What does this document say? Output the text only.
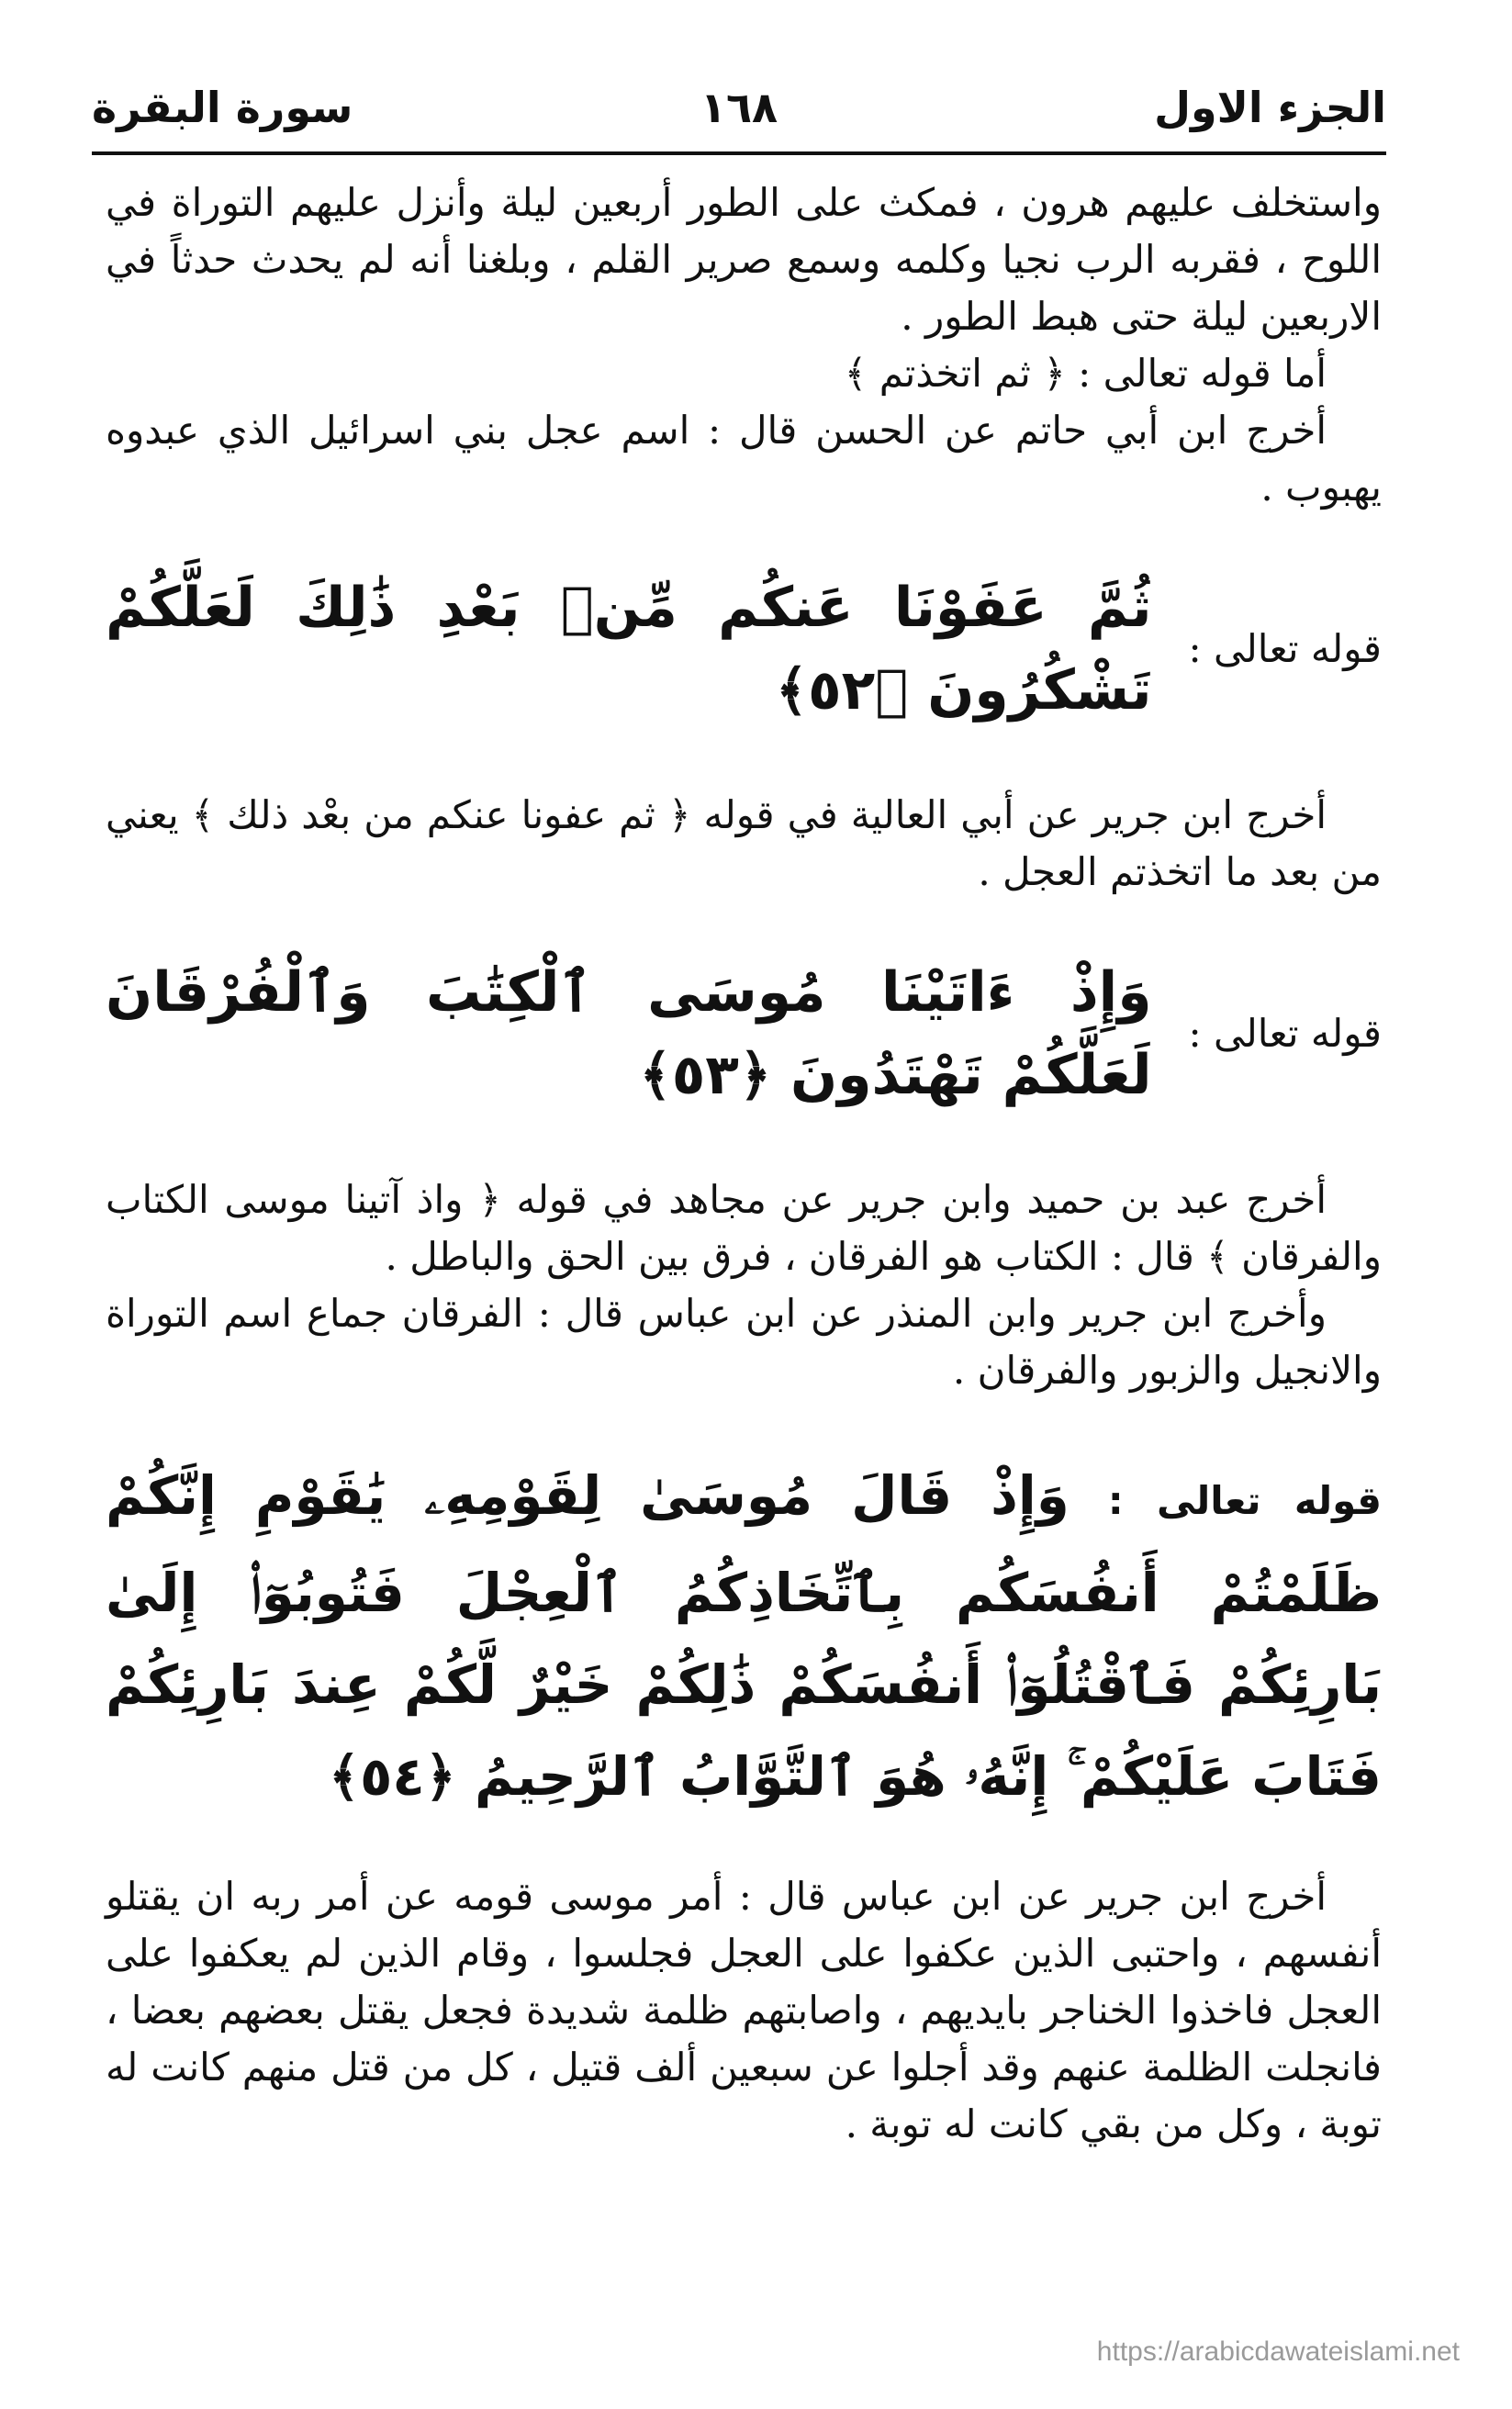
الجزء الاول
١٦٨
سورة البقرة

واستخلف عليهم هرون ، فمكث على الطور أربعين ليلة وأنزل عليهم التوراة في اللوح ، فقربه الرب نجيا وكلمه وسمع صرير القلم ، وبلغنا أنه لم يحدث حدثاً في الاربعين ليلة حتى هبط الطور .

أما قوله تعالى : ﴿ ثم اتخذتم ﴾

أخرج ابن أبي حاتم عن الحسن قال : اسم عجل بني اسرائيل الذي عبدوه يهبوب .

قوله تعالى :
ثُمَّ عَفَوْنَا عَنكُم مِّنۢ بَعْدِ ذَٰلِكَ لَعَلَّكُمْ تَشْكُرُونَ ﴿٥٢﴾

أخرج ابن جرير عن أبي العالية في قوله ﴿ ثم عفونا عنكم من بعْد ذلك ﴾ يعني من بعد ما اتخذتم العجل .

قوله تعالى :
وَإِذْ ءَاتَيْنَا مُوسَى ٱلْكِتَٰبَ وَٱلْفُرْقَانَ لَعَلَّكُمْ تَهْتَدُونَ ﴿٥٣﴾

أخرج عبد بن حميد وابن جرير عن مجاهد في قوله ﴿ واذ آتينا موسى الكتاب والفرقان ﴾ قال : الكتاب هو الفرقان ، فرق بين الحق والباطل .

وأخرج ابن جرير وابن المنذر عن ابن عباس قال : الفرقان جماع اسم التوراة والانجيل والزبور والفرقان .

قوله تعالى : وَإِذْ قَالَ مُوسَىٰ لِقَوْمِهِۦ يَٰقَوْمِ إِنَّكُمْ ظَلَمْتُمْ أَنفُسَكُم بِٱتِّخَاذِكُمُ ٱلْعِجْلَ فَتُوبُوٓا۟ إِلَىٰ بَارِئِكُمْ فَٱقْتُلُوٓا۟ أَنفُسَكُمْ ذَٰلِكُمْ خَيْرٌ لَّكُمْ عِندَ بَارِئِكُمْ فَتَابَ عَلَيْكُمْ ۚ إِنَّهُۥ هُوَ ٱلتَّوَّابُ ٱلرَّحِيمُ ﴿٥٤﴾

أخرج ابن جرير عن ابن عباس قال : أمر موسى قومه عن أمر ربه ان يقتلو أنفسهم ، واحتبى الذين عكفوا على العجل فجلسوا ، وقام الذين لم يعكفوا على العجل فاخذوا الخناجر بايديهم ، واصابتهم ظلمة شديدة فجعل يقتل بعضهم بعضا ، فانجلت الظلمة عنهم وقد أجلوا عن سبعين ألف قتيل ، كل من قتل منهم كانت له توبة ، وكل من بقي كانت له توبة .

https://arabicdawateislami.net
